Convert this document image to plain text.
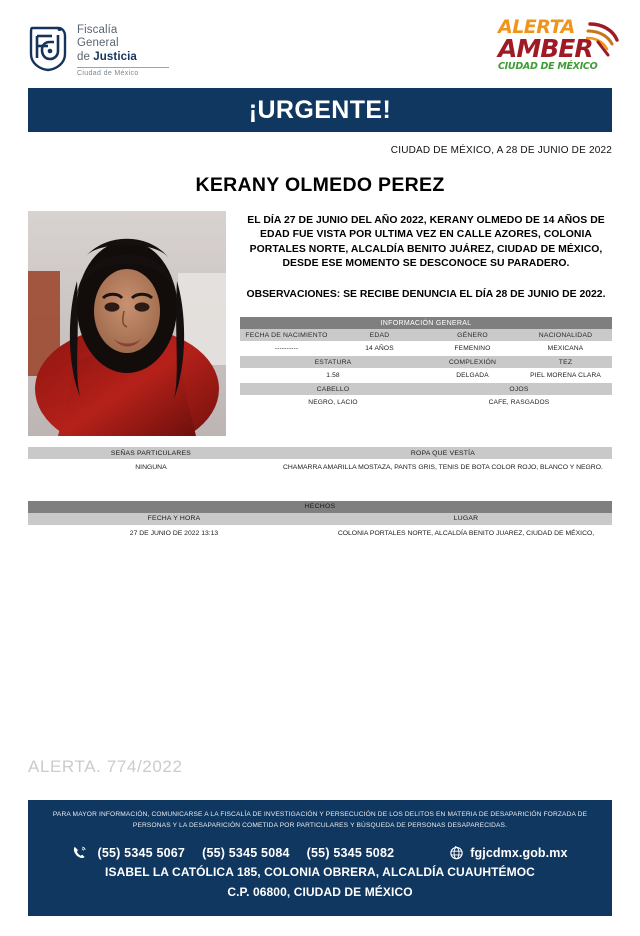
Fiscalía
General
de Justicia
Ciudad de México
ALERTA
AMBER
CIUDAD DE MÉXICO
¡URGENTE!
CIUDAD DE MÉXICO, A 28 DE JUNIO DE 2022
KERANY OLMEDO PEREZ

EL DÍA 27 DE JUNIO DEL AÑO 2022, KERANY OLMEDO DE 14 AÑOS DE EDAD FUE VISTA POR ULTIMA VEZ EN CALLE AZORES, COLONIA PORTALES NORTE, ALCALDÍA BENITO JUÁREZ, CIUDAD DE MÉXICO, DESDE ESE MOMENTO SE DESCONOCE SU PARADERO.

OBSERVACIONES: SE RECIBE DENUNCIA EL DÍA 28 DE JUNIO DE 2022.

INFORMACIÓN GENERAL			
FECHA DE NACIMIENTO	EDAD	GÉNERO	NACIONALIDAD
----------	14 AÑOS	FEMENINO	MEXICANA
ESTATURA		COMPLEXIÓN	TEZ
1.58		DELGADA	PIEL MORENA CLARA
CABELLO		OJOS	
NEGRO, LACIO		CAFE, RASGADOS	
SEÑAS PARTICULARES	ROPA QUE VESTÍA
NINGUNA	CHAMARRA AMARILLA MOSTAZA, PANTS GRIS, TENIS DE BOTA COLOR ROJO, BLANCO Y NEGRO.
HECHOS	
FECHA Y HORA	LUGAR
27 DE JUNIO DE 2022 13:13	COLONIA PORTALES NORTE, ALCALDÍA BENITO JUAREZ, CIUDAD DE MÉXICO,
ALERTA. 774/2022
PARA MAYOR INFORMACIÓN, COMUNICARSE A LA FISCALÍA DE INVESTIGACIÓN Y PERSECUCIÓN DE LOS DELITOS EN MATERIA DE DESAPARICIÓN FORZADA DE PERSONAS Y LA DESAPARICIÓN COMETIDA POR PARTICULARES Y BÚSQUEDA DE PERSONAS DESAPARECIDAS.
(55) 5345 5067 (55) 5345 5084 (55) 5345 5082	fgjcdmx.gob.mx
ISABEL LA CATÓLICA 185, COLONIA OBRERA, ALCALDÍA CUAUHTÉMOC
C.P. 06800, CIUDAD DE MÉXICO
